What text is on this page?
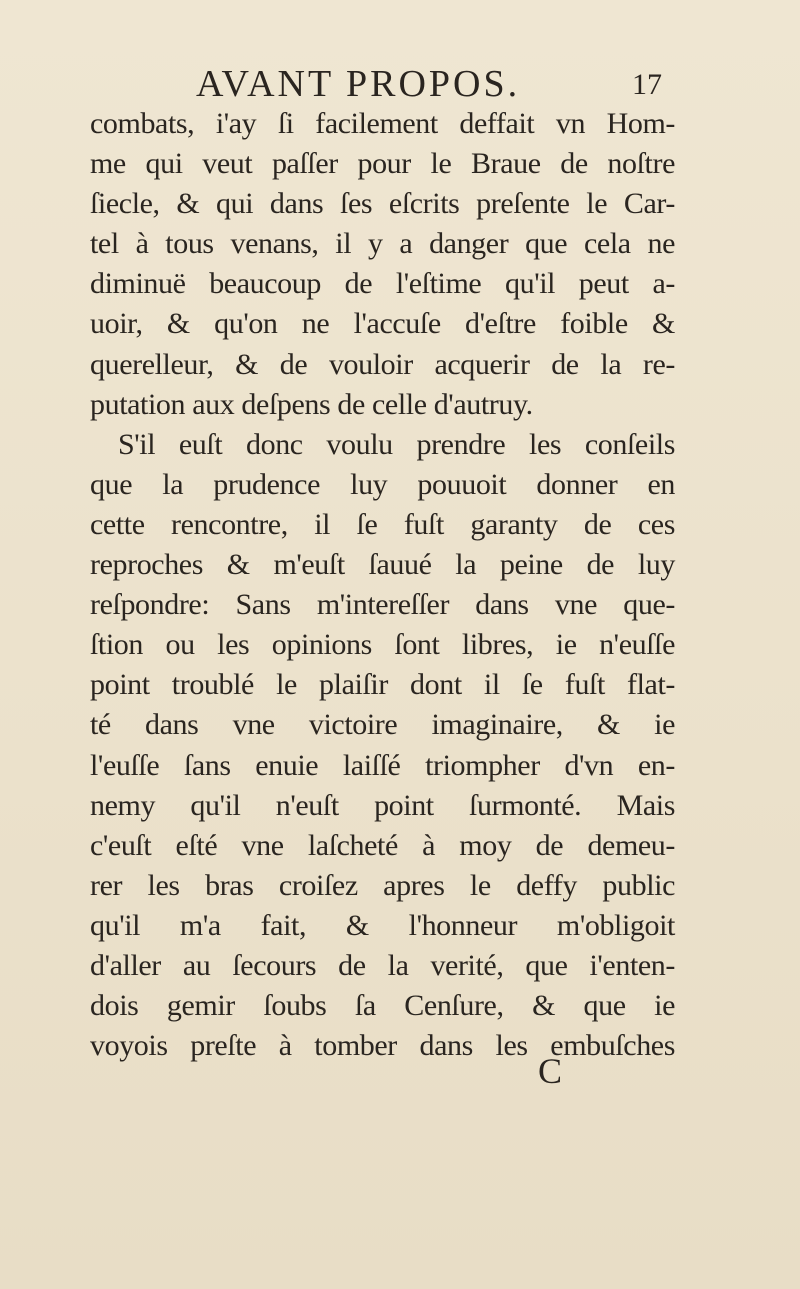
AVANT PROPOS.	17
combats, i'ay ſi facilement deffait vn Hom-
me qui veut paſſer pour le Braue de noſtre
ſiecle, & qui dans ſes eſcrits preſente le Car-
tel à tous venans, il y a danger que cela ne
diminuë beaucoup de l'eſtime qu'il peut a-
uoir, & qu'on ne l'accuſe d'eſtre foible &
querelleur, & de vouloir acquerir de la re-
putation aux deſpens de celle d'autruy.
S'il euſt donc voulu prendre les conſeils
que la prudence luy pouuoit donner en
cette rencontre, il ſe fuſt garanty de ces
reproches & m'euſt ſauué la peine de luy
reſpondre: Sans m'intereſſer dans vne que-
ſtion ou les opinions ſont libres, ie n'euſſe
point troublé le plaiſir dont il ſe fuſt flat-
té dans vne victoire imaginaire, & ie
l'euſſe ſans enuie laiſſé triompher d'vn en-
nemy qu'il n'euſt point ſurmonté. Mais
c'euſt eſté vne laſcheté à moy de demeu-
rer les bras croiſez apres le deffy public
qu'il m'a fait, & l'honneur m'obligoit
d'aller au ſecours de la verité, que i'enten-
dois gemir ſoubs ſa Cenſure, & que ie
voyois preſte à tomber dans les embuſches
C
